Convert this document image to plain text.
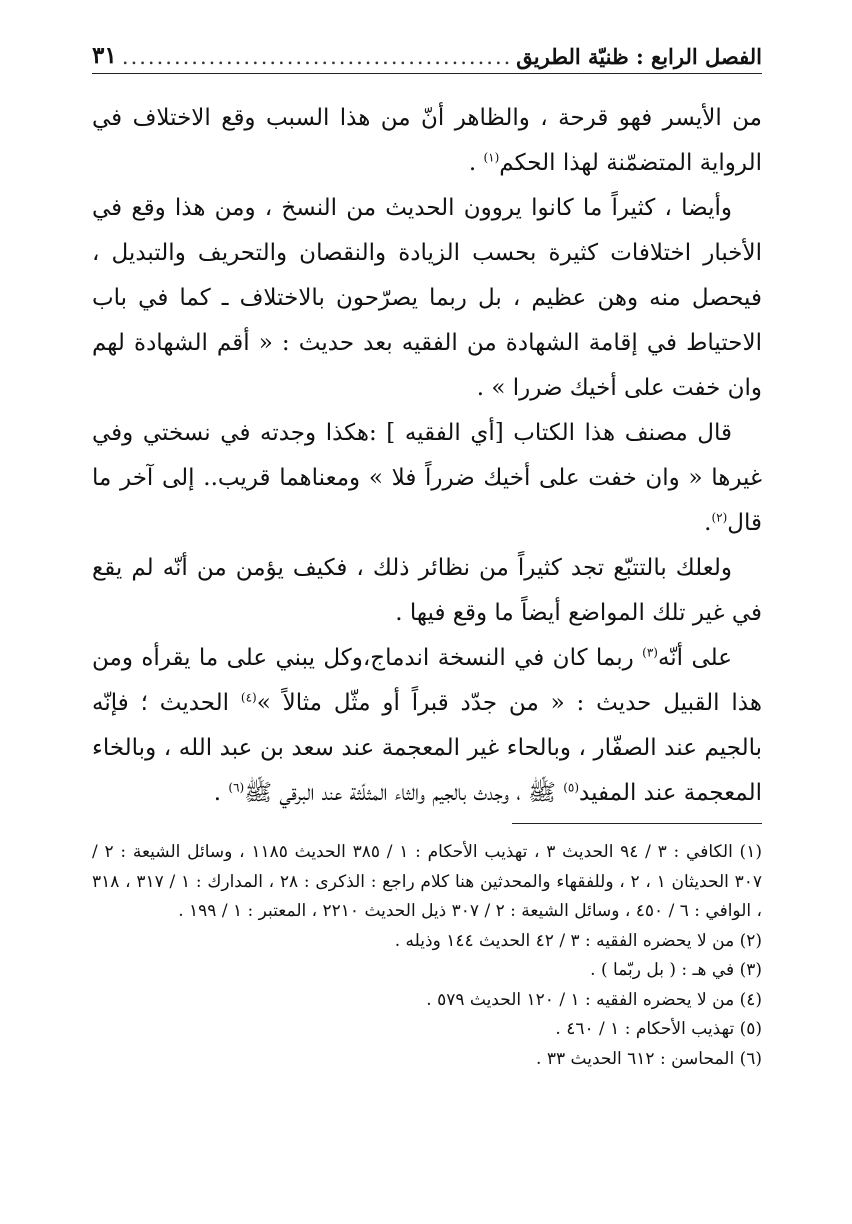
الفصل الرابع : ظنيّة الطريق
.....
٣١

من الأيسر فهو قرحة ، والظاهر أنّ من هذا السبب وقع الاختلاف في الرواية المتضمّنة لهذا الحكم$^{(١)}$ .

وأيضا ، كثيراً ما كانوا يروون الحديث من النسخ ، ومن هذا وقع في الأخبار اختلافات كثيرة بحسب الزيادة والنقصان والتحريف والتبديل ، فيحصل منه وهن عظيم ، بل ربما يصرّحون بالاختلاف ـ كما في باب الاحتياط في إقامة الشهادة من الفقيه بعد حديث : « أقم الشهادة لهم وان خفت على أخيك ضررا » .

قال مصنف هذا الكتاب [أي الفقيه ] :هكذا وجدته في نسختي وفي غيرها « وان خفت على أخيك ضرراً فلا » ومعناهما قريب.. إلى آخر ما قال$^{(٢)}$.

ولعلك بالتتبّع تجد كثيراً من نظائر ذلك ، فكيف يؤمن من أنّه لم يقع في غير تلك المواضع أيضاً ما وقع فيها .

على أنّه$^{(٣)}$ ربما كان في النسخة اندماج،وكل يبني على ما يقرأه ومن هذا القبيل حديث : « من جدّد قبراً أو مثّل مثالاً »$^{(٤)}$ الحديث ؛ فإنّه بالجيم عند الصفّار ، وبالحاء غير المعجمة عند سعد بن عبد الله ، وبالخاء المعجمة عند المفيد$^{(٥)}$ ﷺ ، وجدث بالجيم والثاء المثلّثة عند البرقي ﷺ$^{(٦)}$ .

(١) الكافي : ٣ / ٩٤ الحديث ٣ ، تهذيب الأحكام : ١ / ٣٨٥ الحديث ١١٨٥ ، وسائل الشيعة : ٢ / ٣٠٧ الحديثان ١ ، ٢ ، وللفقهاء والمحدثين هنا كلام راجع : الذكرى : ٢٨ ، المدارك : ١ / ٣١٧ ، ٣١٨ ، الوافي : ٦ / ٤٥٠ ، وسائل الشيعة : ٢ / ٣٠٧ ذيل الحديث ٢٢١٠ ، المعتبر : ١ / ١٩٩ .

(٢) من لا يحضره الفقيه : ٣ / ٤٢ الحديث ١٤٤ وذيله .

(٣) في هـ : ( بل ربّما ) .

(٤) من لا يحضره الفقيه : ١ / ١٢٠ الحديث ٥٧٩ .

(٥) تهذيب الأحكام : ١ / ٤٦٠ .

(٦) المحاسن : ٦١٢ الحديث ٣٣ .
